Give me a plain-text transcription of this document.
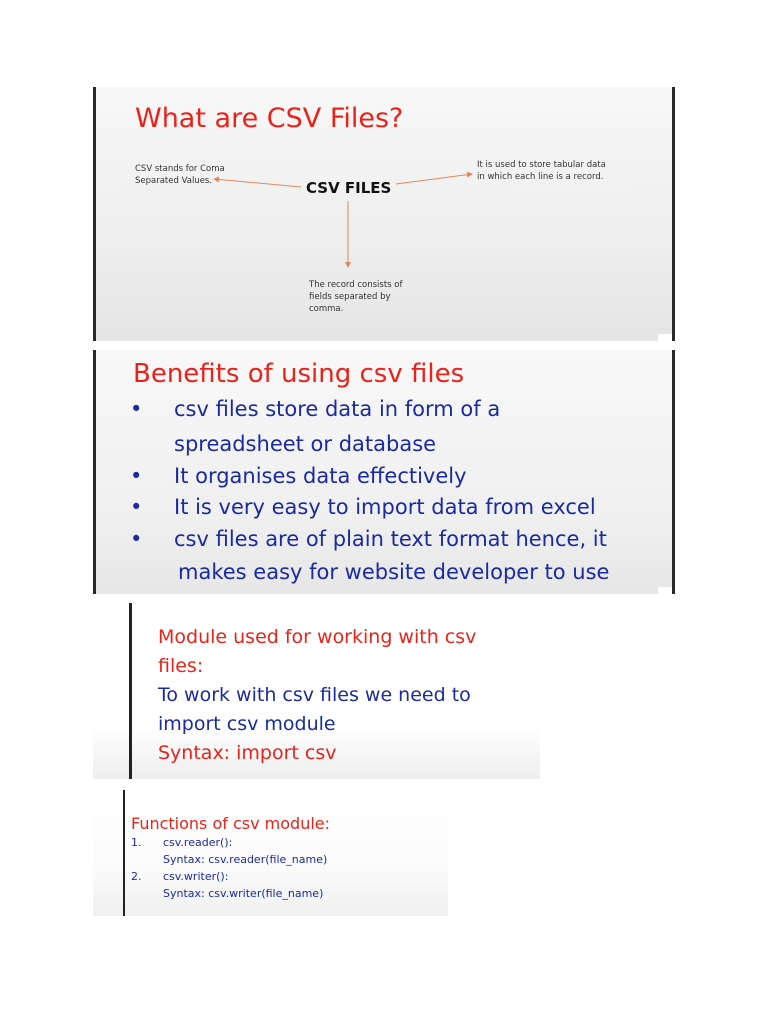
What are CSV Files?
CSV FILES
CSV stands for Coma Separated Values.
It is used to store tabular data in which each line is a record.
The record consists of fields separated by comma.
Benefits of using csv files
• csv files store data in form of a
spreadsheet or database
• It organises data effectively
• It is very easy to import data from excel
• csv files are of plain text format hence, it
makes easy for website developer to use
Module used for working with csv
files:
To work with csv files we need to
import csv module
Syntax: import csv
Functions of csv module:
1. csv.reader():
Syntax: csv.reader(file_name)
2. csv.writer():
Syntax: csv.writer(file_name)
